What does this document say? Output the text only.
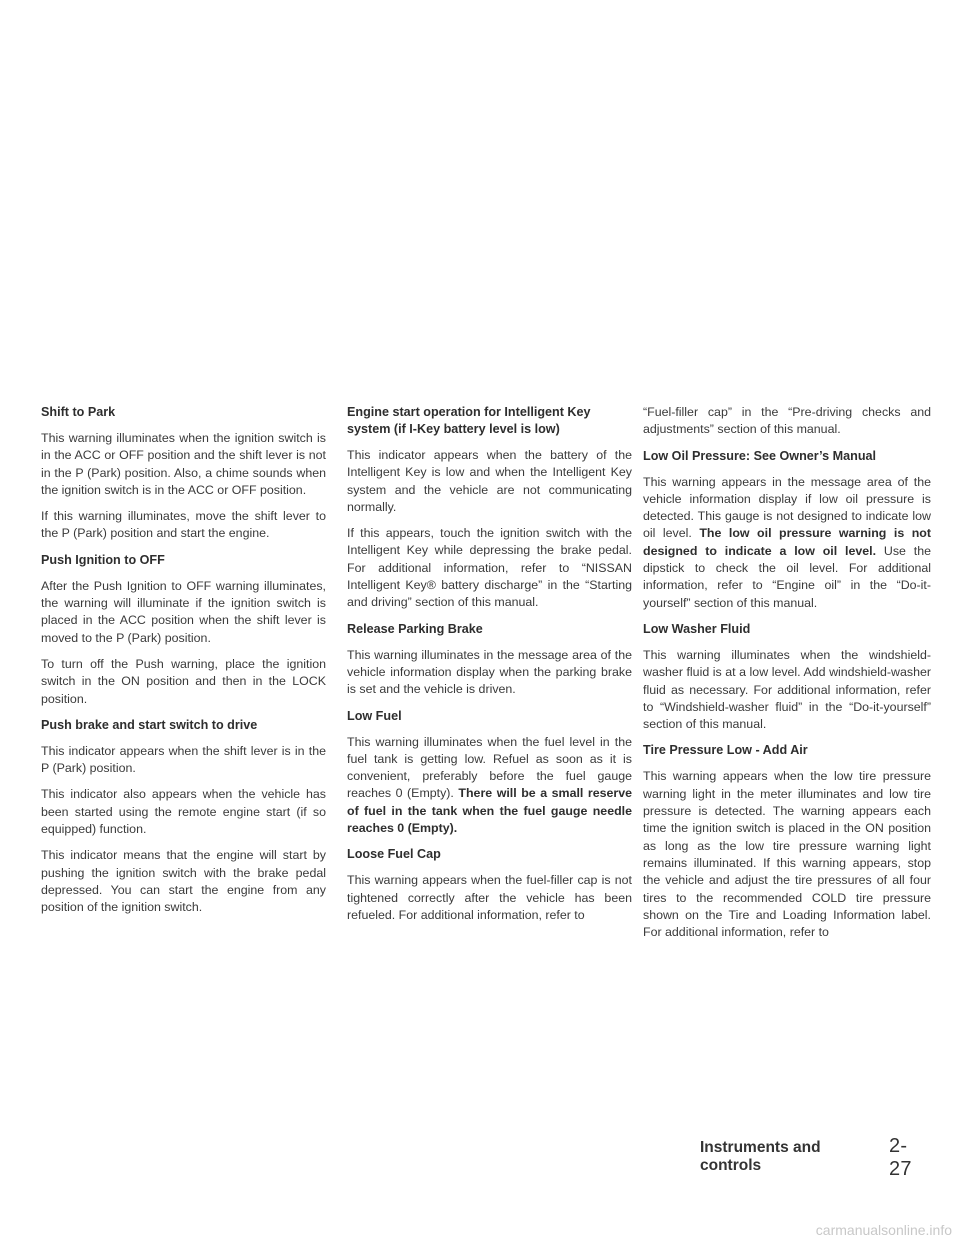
Shift to Park

This warning illuminates when the ignition switch is in the ACC or OFF position and the shift lever is not in the P (Park) position. Also, a chime sounds when the ignition switch is in the ACC or OFF position.

If this warning illuminates, move the shift lever to the P (Park) position and start the engine.

Push Ignition to OFF

After the Push Ignition to OFF warning illuminates, the warning will illuminate if the ignition switch is placed in the ACC position when the shift lever is moved to the P (Park) position.

To turn off the Push warning, place the ignition switch in the ON position and then in the LOCK position.

Push brake and start switch to drive

This indicator appears when the shift lever is in the P (Park) position.

This indicator also appears when the vehicle has been started using the remote engine start (if so equipped) function.

This indicator means that the engine will start by pushing the ignition switch with the brake pedal depressed. You can start the engine from any position of the ignition switch.

Engine start operation for Intelligent Key system (if I-Key battery level is low)

This indicator appears when the battery of the Intelligent Key is low and when the Intelligent Key system and the vehicle are not communicating normally.

If this appears, touch the ignition switch with the Intelligent Key while depressing the brake pedal. For additional information, refer to “NISSAN Intelligent Key® battery discharge” in the “Starting and driving” section of this manual.

Release Parking Brake

This warning illuminates in the message area of the vehicle information display when the parking brake is set and the vehicle is driven.

Low Fuel

This warning illuminates when the fuel level in the fuel tank is getting low. Refuel as soon as it is convenient, preferably before the fuel gauge reaches 0 (Empty). There will be a small reserve of fuel in the tank when the fuel gauge needle reaches 0 (Empty).

Loose Fuel Cap

This warning appears when the fuel-filler cap is not tightened correctly after the vehicle has been refueled. For additional information, refer to

“Fuel-filler cap” in the “Pre-driving checks and adjustments” section of this manual.

Low Oil Pressure: See Owner’s Manual

This warning appears in the message area of the vehicle information display if low oil pressure is detected. This gauge is not designed to indicate low oil level. The low oil pressure warning is not designed to indicate a low oil level. Use the dipstick to check the oil level. For additional information, refer to “Engine oil” in the “Do-it-yourself” section of this manual.

Low Washer Fluid

This warning illuminates when the windshield-washer fluid is at a low level. Add windshield-washer fluid as necessary. For additional information, refer to “Windshield-washer fluid” in the “Do-it-yourself” section of this manual.

Tire Pressure Low - Add Air

This warning appears when the low tire pressure warning light in the meter illuminates and low tire pressure is detected. The warning appears each time the ignition switch is placed in the ON position as long as the low tire pressure warning light remains illuminated. If this warning appears, stop the vehicle and adjust the tire pressures of all four tires to the recommended COLD tire pressure shown on the Tire and Loading Information label. For additional information, refer to

Instruments and controls
2-27
carmanualsonline.info
